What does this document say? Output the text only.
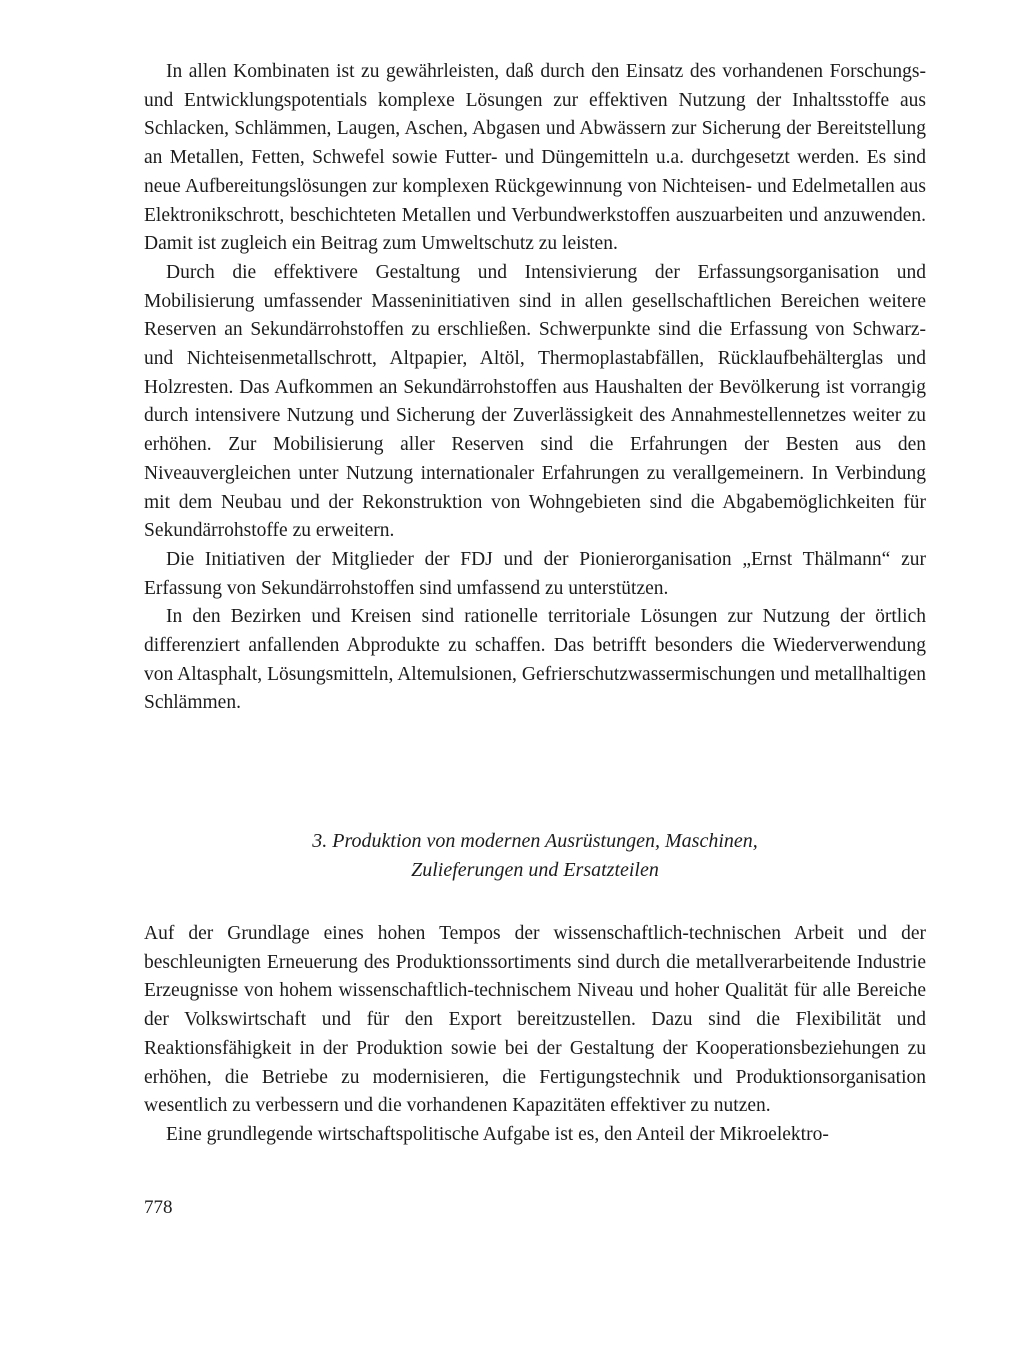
In allen Kombinaten ist zu gewährleisten, daß durch den Einsatz des vorhandenen Forschungs- und Entwicklungspotentials komplexe Lösungen zur effektiven Nutzung der Inhaltsstoffe aus Schlacken, Schlämmen, Laugen, Aschen, Abgasen und Abwässern zur Sicherung der Bereitstellung an Metallen, Fetten, Schwefel sowie Futter- und Düngemitteln u.a. durchgesetzt werden. Es sind neue Aufbereitungslösungen zur komplexen Rückgewinnung von Nichteisen- und Edelmetallen aus Elektronikschrott, beschichteten Metallen und Verbundwerkstoffen auszuarbeiten und anzuwenden. Damit ist zugleich ein Beitrag zum Umweltschutz zu leisten.

Durch die effektivere Gestaltung und Intensivierung der Erfassungsorganisation und Mobilisierung umfassender Masseninitiativen sind in allen gesellschaftlichen Bereichen weitere Reserven an Sekundärrohstoffen zu erschließen. Schwerpunkte sind die Erfassung von Schwarz- und Nichteisenmetallschrott, Altpapier, Altöl, Thermoplastabfällen, Rücklaufbehälterglas und Holzresten. Das Aufkommen an Sekundärrohstoffen aus Haushalten der Bevölkerung ist vorrangig durch intensivere Nutzung und Sicherung der Zuverlässigkeit des Annahmestellennetzes weiter zu erhöhen. Zur Mobilisierung aller Reserven sind die Erfahrungen der Besten aus den Niveauvergleichen unter Nutzung internationaler Erfahrungen zu verallgemeinern. In Verbindung mit dem Neubau und der Rekonstruktion von Wohngebieten sind die Abgabemöglichkeiten für Sekundärrohstoffe zu erweitern.

Die Initiativen der Mitglieder der FDJ und der Pionierorganisation „Ernst Thälmann“ zur Erfassung von Sekundärrohstoffen sind umfassend zu unterstützen.

In den Bezirken und Kreisen sind rationelle territoriale Lösungen zur Nutzung der örtlich differenziert anfallenden Abprodukte zu schaffen. Das betrifft besonders die Wiederverwendung von Altasphalt, Lösungsmitteln, Altemulsionen, Gefrierschutzwassermischungen und metallhaltigen Schlämmen.

3. Produktion von modernen Ausrüstungen, Maschinen,
Zulieferungen und Ersatzteilen

Auf der Grundlage eines hohen Tempos der wissenschaftlich-technischen Arbeit und der beschleunigten Erneuerung des Produktionssortiments sind durch die metallverarbeitende Industrie Erzeugnisse von hohem wissenschaftlich-technischem Niveau und hoher Qualität für alle Bereiche der Volkswirtschaft und für den Export bereitzustellen. Dazu sind die Flexibilität und Reaktionsfähigkeit in der Produktion sowie bei der Gestaltung der Kooperationsbeziehungen zu erhöhen, die Betriebe zu modernisieren, die Fertigungstechnik und Produktionsorganisation wesentlich zu verbessern und die vorhandenen Kapazitäten effektiver zu nutzen.

Eine grundlegende wirtschaftspolitische Aufgabe ist es, den Anteil der Mikroelektro-

778
